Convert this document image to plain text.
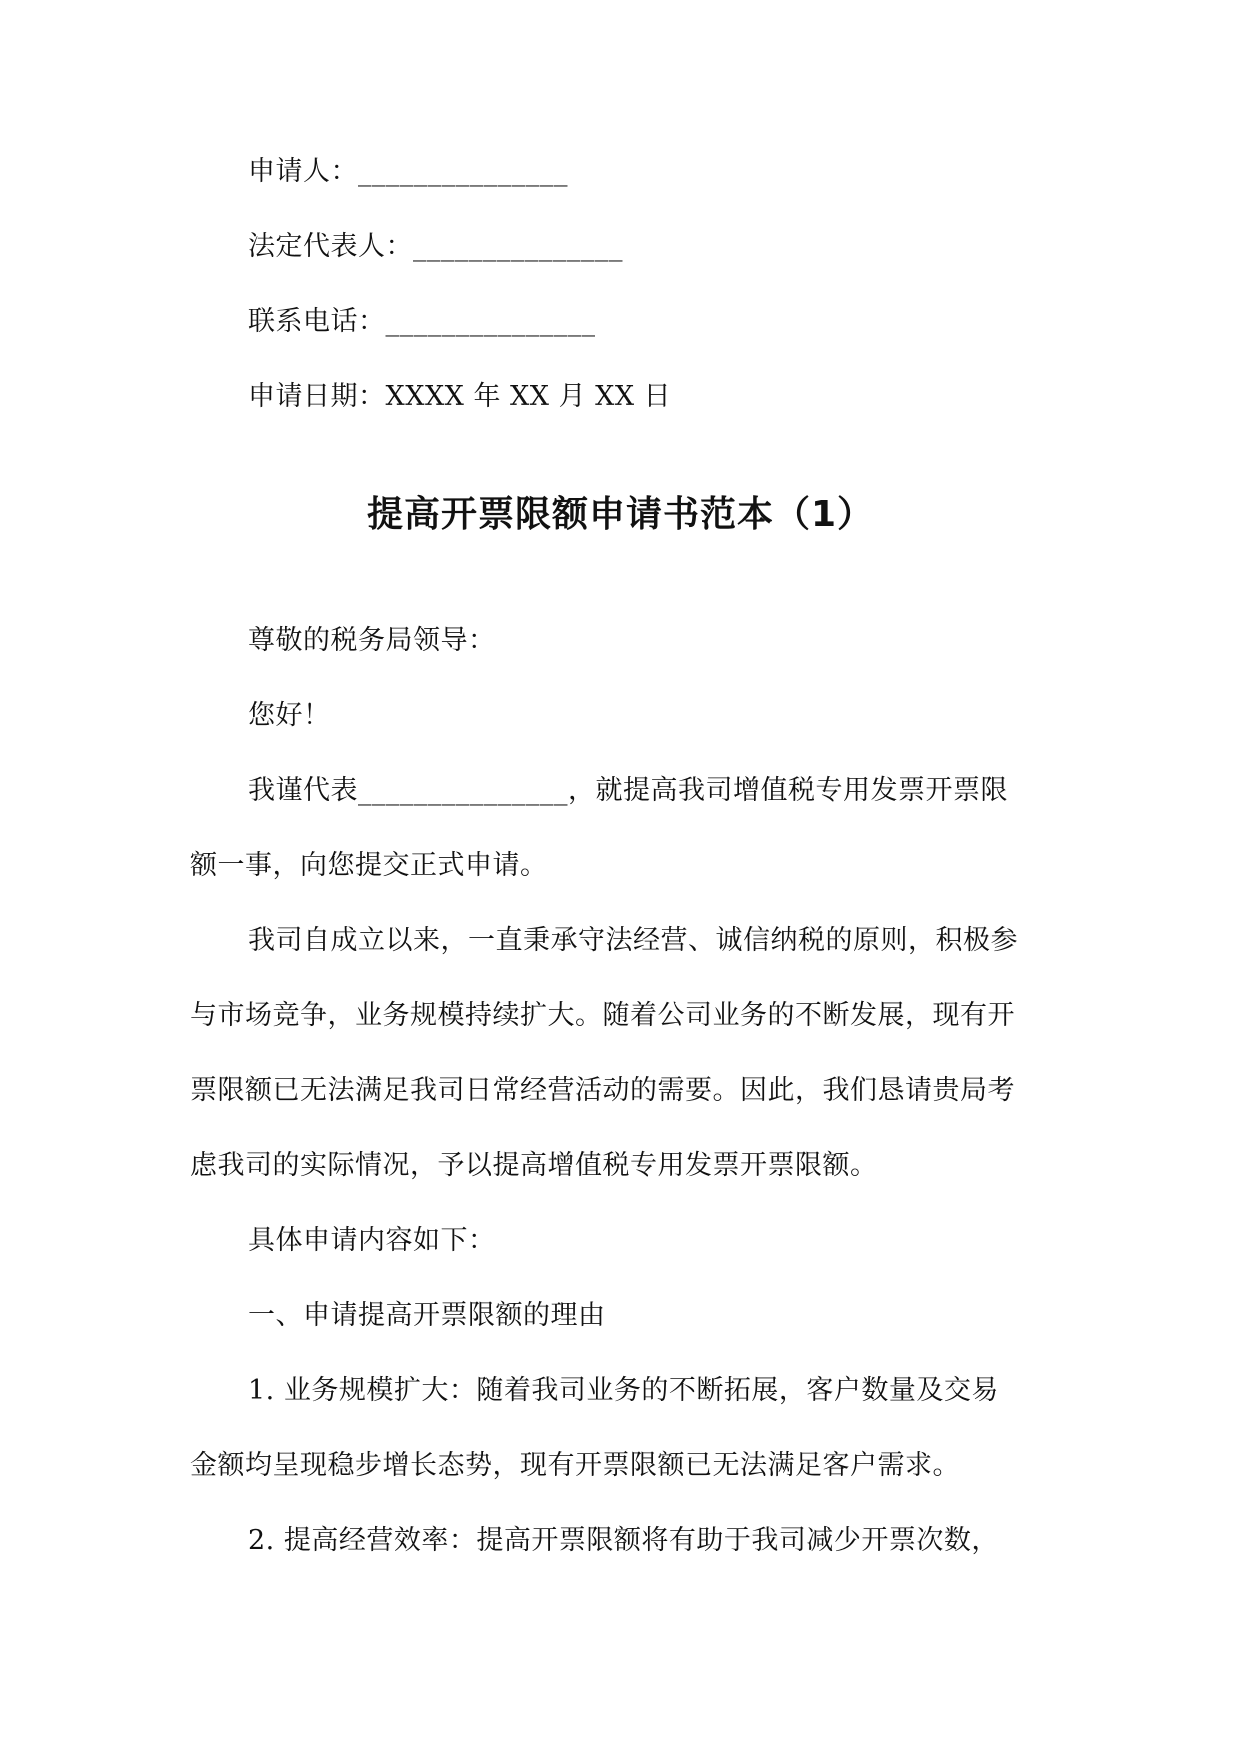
申请人：_______________
法定代表人：_______________
联系电话：_______________
申请日期：XXXX 年 XX 月 XX 日
提高开票限额申请书范本（1）
尊敬的税务局领导：
您好！
我谨代表_______________，就提高我司增值税专用发票开票限
额一事，向您提交正式申请。
我司自成立以来，一直秉承守法经营、诚信纳税的原则，积极参
与市场竞争，业务规模持续扩大。随着公司业务的不断发展，现有开
票限额已无法满足我司日常经营活动的需要。因此，我们恳请贵局考
虑我司的实际情况，予以提高增值税专用发票开票限额。
具体申请内容如下：
一、申请提高开票限额的理由
1. 业务规模扩大：随着我司业务的不断拓展，客户数量及交易
金额均呈现稳步增长态势，现有开票限额已无法满足客户需求。
2. 提高经营效率：提高开票限额将有助于我司减少开票次数，
